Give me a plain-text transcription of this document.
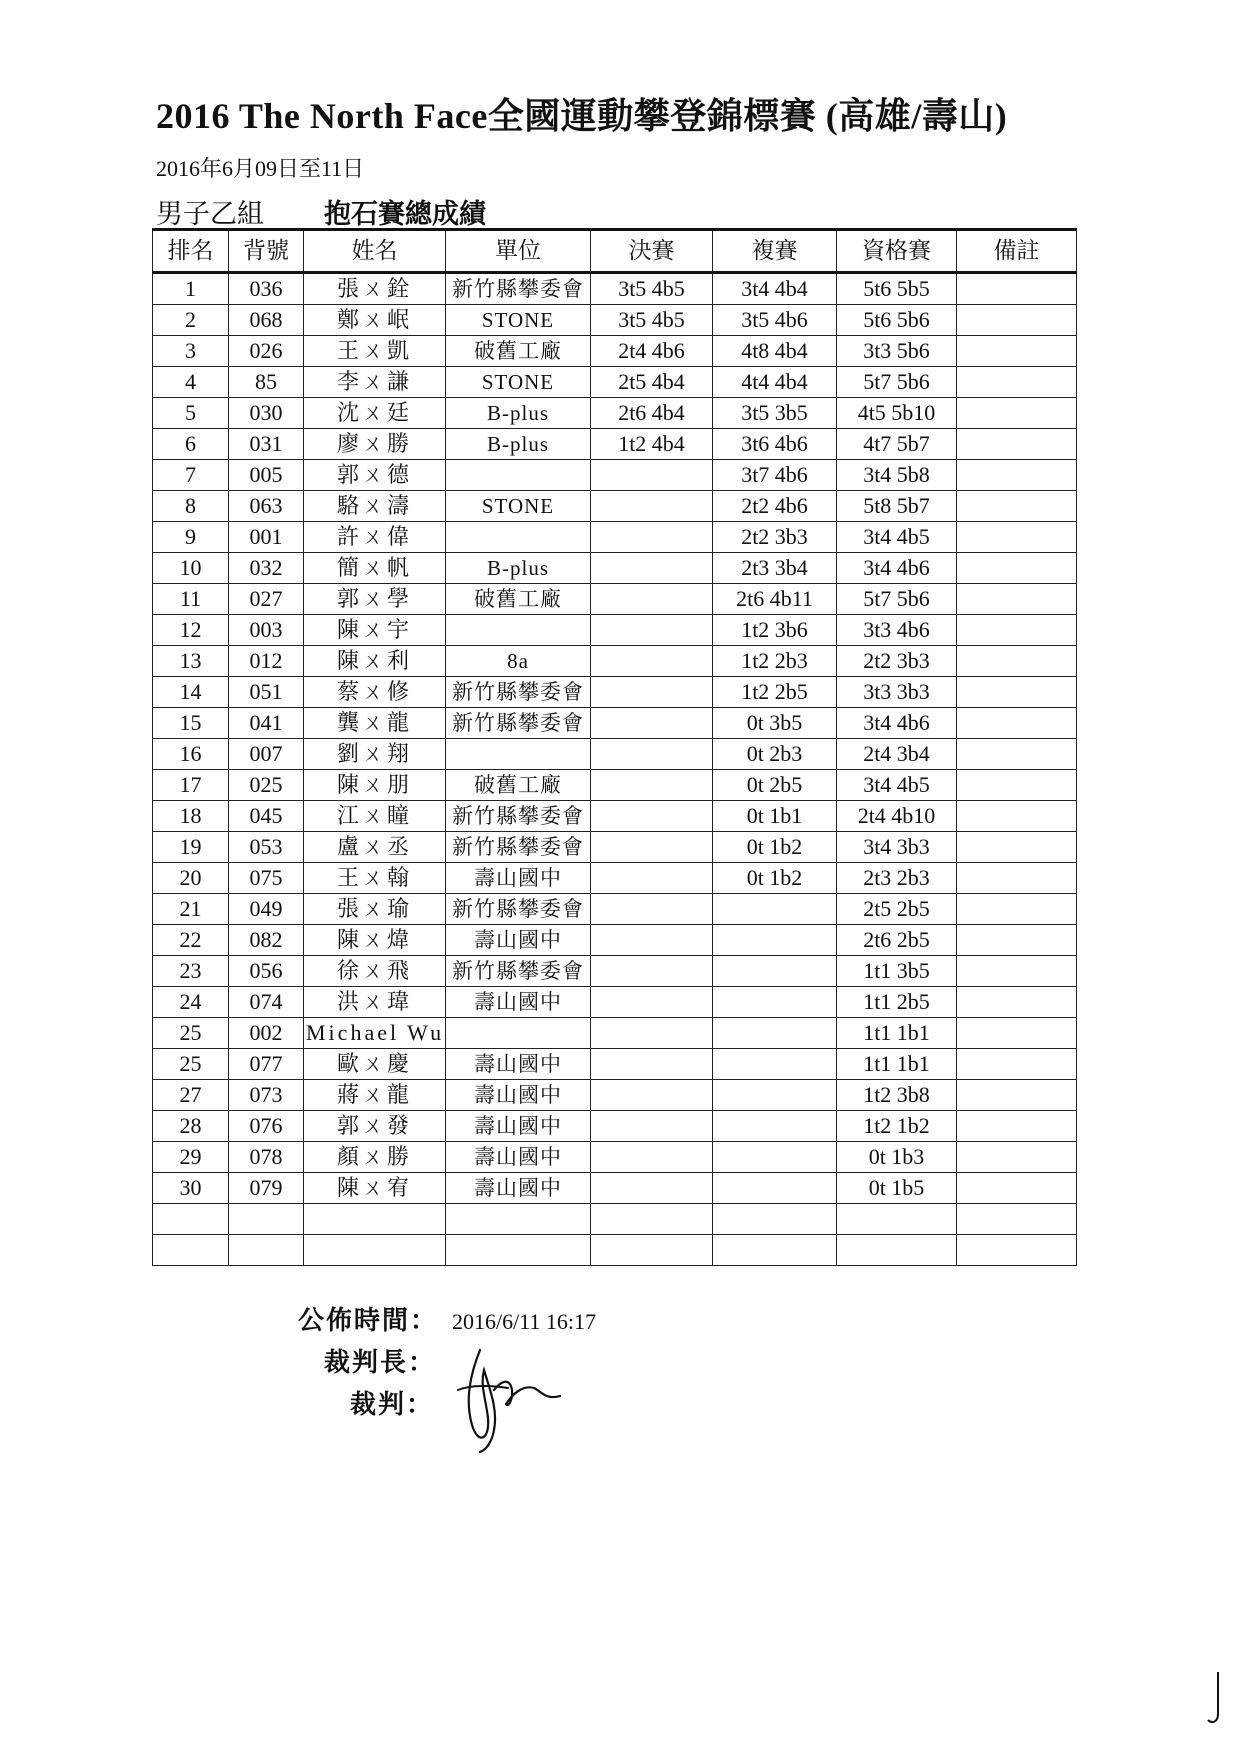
2016 The North Face全國運動攀登錦標賽 (高雄/壽山)
2016年6月09日至11日
男子乙組 抱石賽總成績
排名	背號	姓名	單位	決賽	複賽	資格賽	備註
1	036	張ㄨ銓	新竹縣攀委會	3t5 4b5	3t4 4b4	5t6 5b5	
2	068	鄭ㄨ岷	STONE	3t5 4b5	3t5 4b6	5t6 5b6	
3	026	王ㄨ凱	破舊工廠	2t4 4b6	4t8 4b4	3t3 5b6	
4	85	李ㄨ謙	STONE	2t5 4b4	4t4 4b4	5t7 5b6	
5	030	沈ㄨ廷	B-plus	2t6 4b4	3t5 3b5	4t5 5b10	
6	031	廖ㄨ勝	B-plus	1t2 4b4	3t6 4b6	4t7 5b7	
7	005	郭ㄨ德			3t7 4b6	3t4 5b8	
8	063	駱ㄨ濤	STONE		2t2 4b6	5t8 5b7	
9	001	許ㄨ偉			2t2 3b3	3t4 4b5	
10	032	簡ㄨ帆	B-plus		2t3 3b4	3t4 4b6	
11	027	郭ㄨ學	破舊工廠		2t6 4b11	5t7 5b6	
12	003	陳ㄨ宇			1t2 3b6	3t3 4b6	
13	012	陳ㄨ利	8a		1t2 2b3	2t2 3b3	
14	051	蔡ㄨ修	新竹縣攀委會		1t2 2b5	3t3 3b3	
15	041	龔ㄨ龍	新竹縣攀委會		0t 3b5	3t4 4b6	
16	007	劉ㄨ翔			0t 2b3	2t4 3b4	
17	025	陳ㄨ朋	破舊工廠		0t 2b5	3t4 4b5	
18	045	江ㄨ瞳	新竹縣攀委會		0t 1b1	2t4 4b10	
19	053	盧ㄨ丞	新竹縣攀委會		0t 1b2	3t4 3b3	
20	075	王ㄨ翰	壽山國中		0t 1b2	2t3 2b3	
21	049	張ㄨ瑜	新竹縣攀委會			2t5 2b5	
22	082	陳ㄨ煒	壽山國中			2t6 2b5	
23	056	徐ㄨ飛	新竹縣攀委會			1t1 3b5	
24	074	洪ㄨ瑋	壽山國中			1t1 2b5	
25	002	Michael Wu				1t1 1b1	
25	077	歐ㄨ慶	壽山國中			1t1 1b1	
27	073	蔣ㄨ龍	壽山國中			1t2 3b8	
28	076	郭ㄨ發	壽山國中			1t2 1b2	
29	078	顏ㄨ勝	壽山國中			0t 1b3	
30	079	陳ㄨ宥	壽山國中			0t 1b5	

公佈時間： 2016/6/11 16:17
裁判長：
裁判：
